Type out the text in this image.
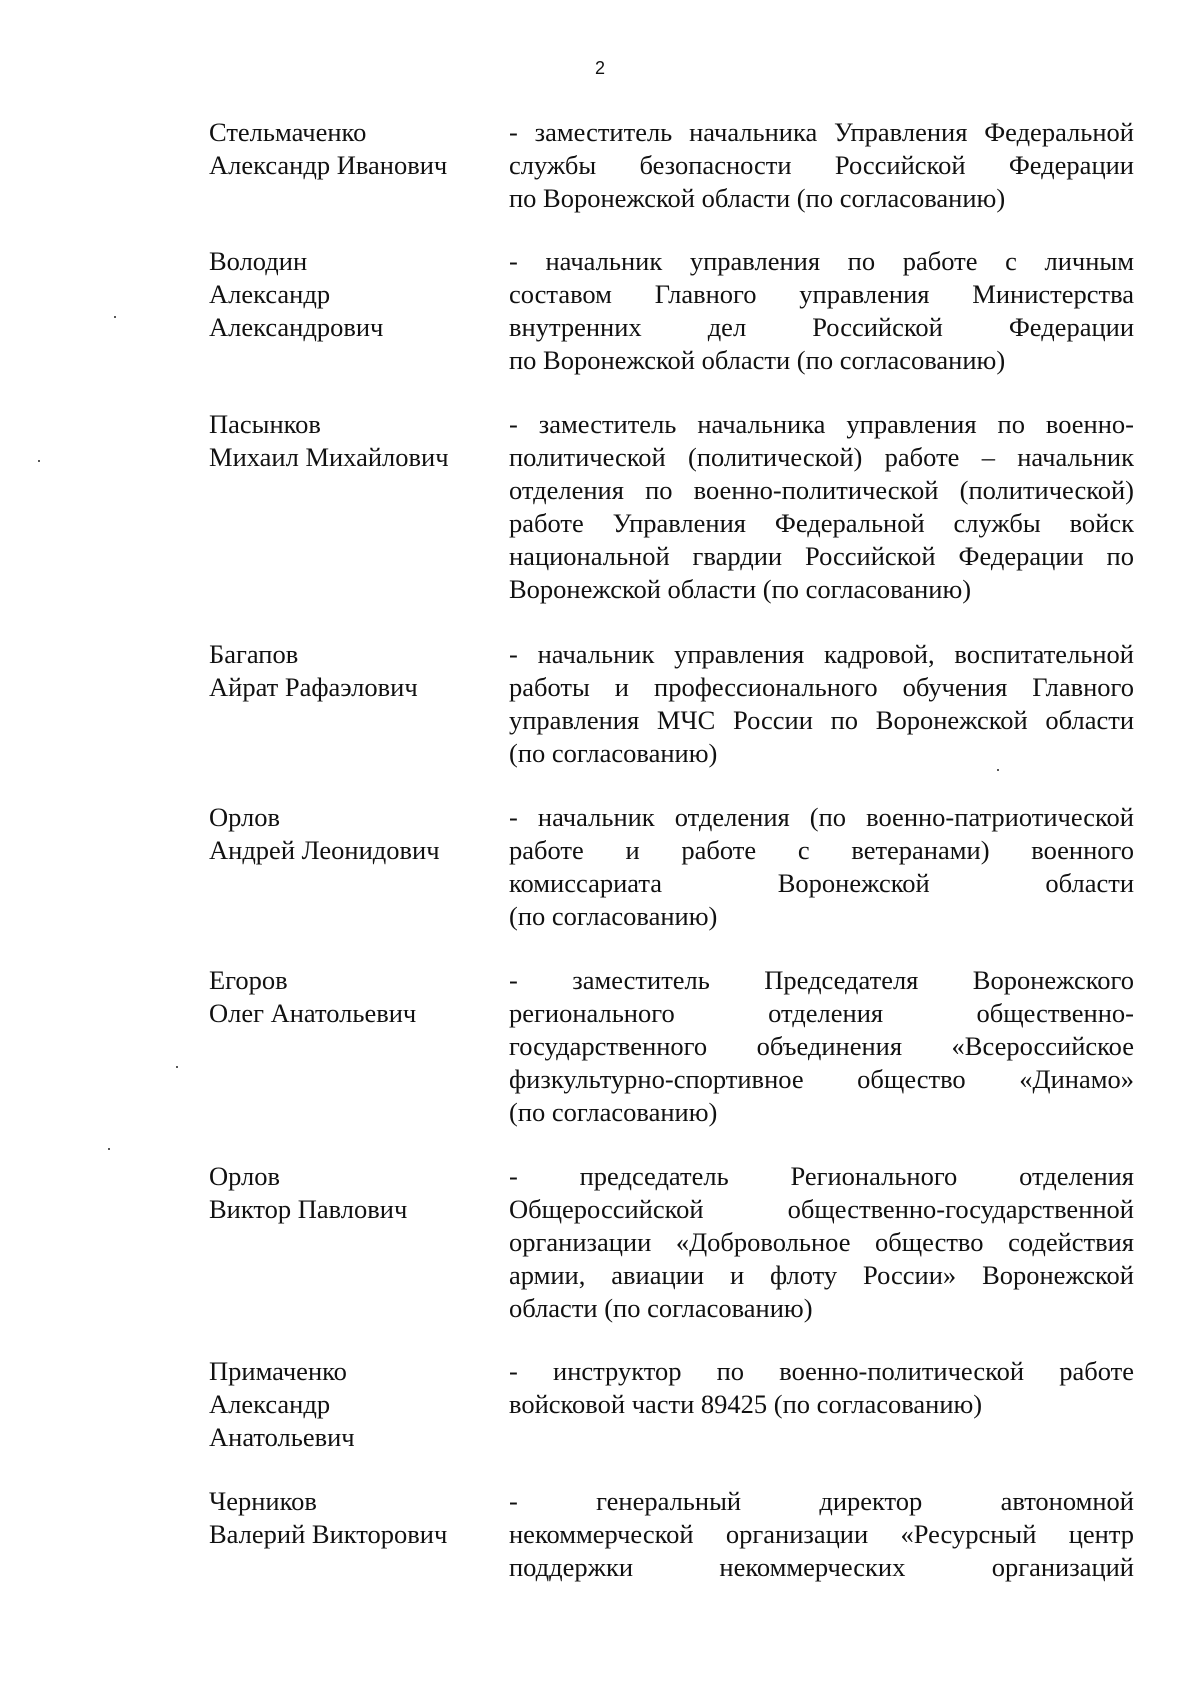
2
Стельмаченко
Александр Иванович
- заместитель начальника Управления Федеральной
службы безопасности Российской Федерации
по Воронежской области (по согласованию)
Володин
Александр
Александрович
- начальник управления по работе с личным
составом Главного управления Министерства
внутренних дел Российской Федерации
по Воронежской области (по согласованию)
Пасынков
Михаил Михайлович
- заместитель начальника управления по военно-
политической (политической) работе – начальник
отделения по военно-политической (политической)
работе Управления Федеральной службы войск
национальной гвардии Российской Федерации по
Воронежской области (по согласованию)
Багапов
Айрат Рафаэлович
- начальник управления кадровой, воспитательной
работы и профессионального обучения Главного
управления МЧС России по Воронежской области
(по согласованию)
Орлов
Андрей Леонидович
- начальник отделения (по военно-патриотической
работе и работе с ветеранами) военного
комиссариата Воронежской области
(по согласованию)
Егоров
Олег Анатольевич
- заместитель Председателя Воронежского
регионального отделения общественно-
государственного объединения «Всероссийское
физкультурно-спортивное общество «Динамо»
(по согласованию)
Орлов
Виктор Павлович
- председатель Регионального отделения
Общероссийской общественно-государственной
организации «Добровольное общество содействия
армии, авиации и флоту России» Воронежской
области (по согласованию)
Примаченко
Александр
Анатольевич
- инструктор по военно-политической работе
войсковой части 89425 (по согласованию)
Черников
Валерий Викторович
- генеральный директор автономной
некоммерческой организации «Ресурсный центр
поддержки некоммерческих организаций
